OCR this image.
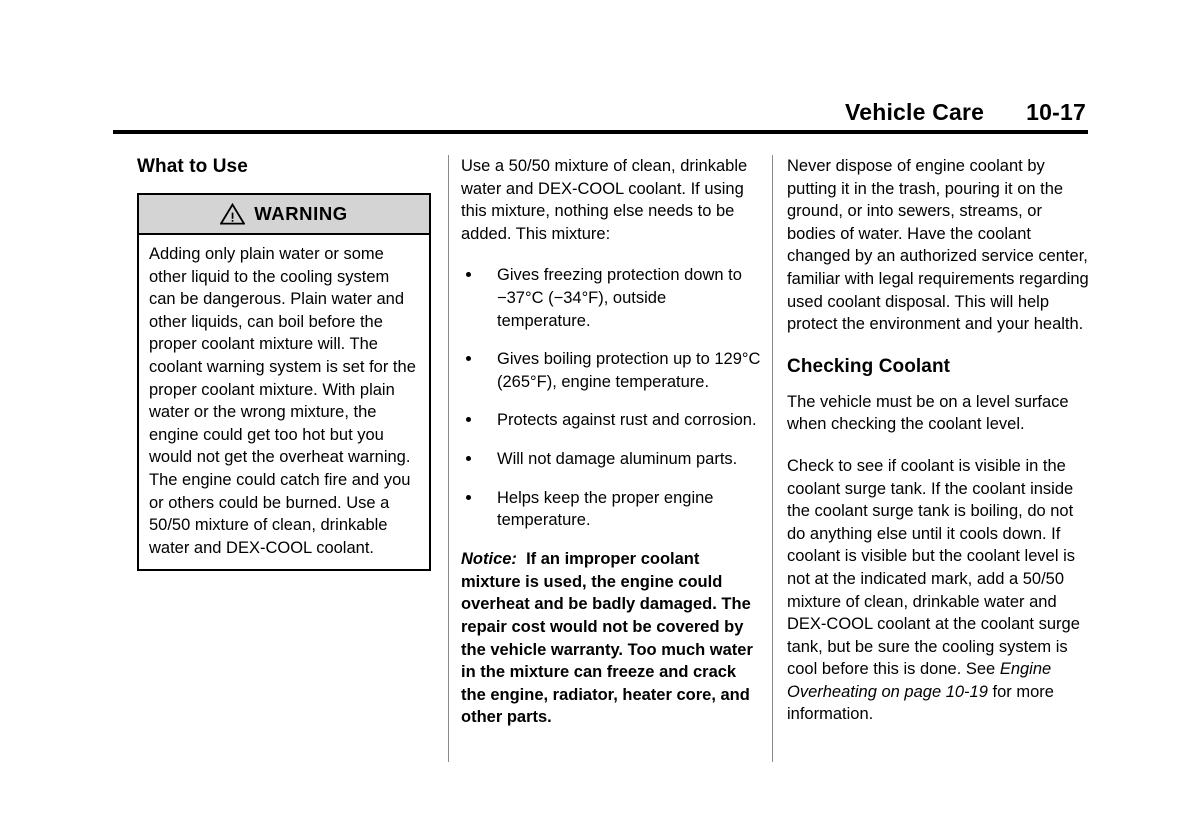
Vehicle Care 10-17
What to Use
WARNING
Adding only plain water or some other liquid to the cooling system can be dangerous. Plain water and other liquids, can boil before the proper coolant mixture will. The coolant warning system is set for the proper coolant mixture. With plain water or the wrong mixture, the engine could get too hot but you would not get the overheat warning. The engine could catch fire and you or others could be burned. Use a 50/50 mixture of clean, drinkable water and DEX-COOL coolant.

Use a 50/50 mixture of clean, drinkable water and DEX-COOL coolant. If using this mixture, nothing else needs to be added. This mixture:

Gives freezing protection down to −37°C (−34°F), outside temperature.
Gives boiling protection up to 129°C (265°F), engine temperature.
Protects against rust and corrosion.
Will not damage aluminum parts.
Helps keep the proper engine temperature.

Notice: If an improper coolant mixture is used, the engine could overheat and be badly damaged. The repair cost would not be covered by the vehicle warranty. Too much water in the mixture can freeze and crack the engine, radiator, heater core, and other parts.

Never dispose of engine coolant by putting it in the trash, pouring it on the ground, or into sewers, streams, or bodies of water. Have the coolant changed by an authorized service center, familiar with legal requirements regarding used coolant disposal. This will help protect the environment and your health.

Checking Coolant

The vehicle must be on a level surface when checking the coolant level.

Check to see if coolant is visible in the coolant surge tank. If the coolant inside the coolant surge tank is boiling, do not do anything else until it cools down. If coolant is visible but the coolant level is not at the indicated mark, add a 50/50 mixture of clean, drinkable water and DEX-COOL coolant at the coolant surge tank, but be sure the cooling system is cool before this is done. See Engine Overheating on page 10-19 for more information.
